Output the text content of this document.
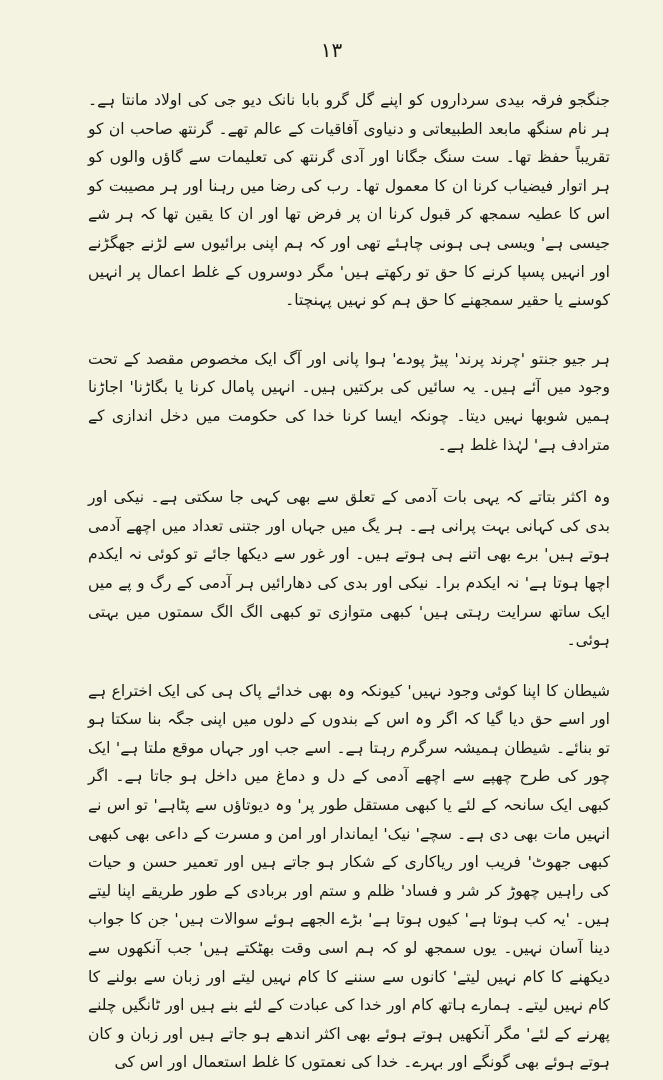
١٣

جنگجو فرقہ بیدی سرداروں کو اپنے گل گرو بابا نانک دیو جی کی اولاد مانتا ہے۔ ہر نام سنگھ مابعد الطبیعاتی و دنیاوی آفاقیات کے عالم تھے۔ گرنتھ صاحب ان کو تقریباً حفظ تھا۔ ست سنگ جگانا اور آدی گرنتھ کی تعلیمات سے گاؤں والوں کو ہر اتوار فیضیاب کرنا ان کا معمول تھا۔ رب کی رضا میں رہنا اور ہر مصیبت کو اس کا عطیہ سمجھ کر قبول کرنا ان پر فرض تھا اور ان کا یقین تھا کہ ہر شے جیسی ہے' ویسی ہی ہونی چاہئے تھی اور کہ ہم اپنی برائیوں سے لڑنے جھگڑنے اور انہیں پسپا کرنے کا حق تو رکھتے ہیں' مگر دوسروں کے غلط اعمال پر انہیں کوسنے یا حقیر سمجھنے کا حق ہم کو نہیں پہنچتا۔

ہر جیو جنتو 'چرند پرند' پیڑ پودے' ہوا پانی اور آگ ایک مخصوص مقصد کے تحت وجود میں آئے ہیں۔ یہ سائیں کی برکتیں ہیں۔ انہیں پامال کرنا یا بگاڑنا' اجاڑنا ہمیں شوبھا نہیں دیتا۔ چونکہ ایسا کرنا خدا کی حکومت میں دخل اندازی کے مترادف ہے' لہٰذا غلط ہے۔

وہ اکثر بتاتے کہ یہی بات آدمی کے تعلق سے بھی کہی جا سکتی ہے۔ نیکی اور بدی کی کہانی بہت پرانی ہے۔ ہر یگ میں جہاں اور جتنی تعداد میں اچھے آدمی ہوتے ہیں' برے بھی اتنے ہی ہوتے ہیں۔ اور غور سے دیکھا جائے تو کوئی نہ ایکدم اچھا ہوتا ہے' نہ ایکدم برا۔ نیکی اور بدی کی دھارائیں ہر آدمی کے رگ و پے میں ایک ساتھ سرایت رہتی ہیں' کبھی متوازی تو کبھی الگ الگ سمتوں میں بہتی ہوئی۔

شیطان کا اپنا کوئی وجود نہیں' کیونکہ وہ بھی خدائے پاک ہی کی ایک اختراع ہے اور اسے حق دیا گیا کہ اگر وہ اس کے بندوں کے دلوں میں اپنی جگہ بنا سکتا ہو تو بنائے۔ شیطان ہمیشہ سرگرم رہتا ہے۔ اسے جب اور جہاں موقع ملتا ہے' ایک چور کی طرح چھپے سے اچھے آدمی کے دل و دماغ میں داخل ہو جاتا ہے۔ اگر کبھی ایک سانحہ کے لئے یا کبھی مستقل طور پر' وہ دیوتاؤں سے پٹاہے' تو اس نے انہیں مات بھی دی ہے۔ سچے' نیک' ایماندار اور امن و مسرت کے داعی بھی کبھی کبھی جھوٹ' فریب اور ریاکاری کے شکار ہو جاتے ہیں اور تعمیر حسن و حیات کی راہیں چھوڑ کر شر و فساد' ظلم و ستم اور بربادی کے طور طریقے اپنا لیتے ہیں۔ 'یہ کب ہوتا ہے' کیوں ہوتا ہے' بڑے الجھے ہوئے سوالات ہیں' جن کا جواب دینا آسان نہیں۔ یوں سمجھ لو کہ ہم اسی وقت بھٹکتے ہیں' جب آنکھوں سے دیکھنے کا کام نہیں لیتے' کانوں سے سننے کا کام نہیں لیتے اور زبان سے بولنے کا کام نہیں لیتے۔ ہمارے ہاتھ کام اور خدا کی عبادت کے لئے بنے ہیں اور ٹانگیں چلنے پھرنے کے لئے' مگر آنکھیں ہوتے ہوئے بھی اکثر اندھے ہو جاتے ہیں اور زبان و کان ہوتے ہوئے بھی گونگے اور بہرے۔ خدا کی نعمتوں کا غلط استعمال اور اس کی
